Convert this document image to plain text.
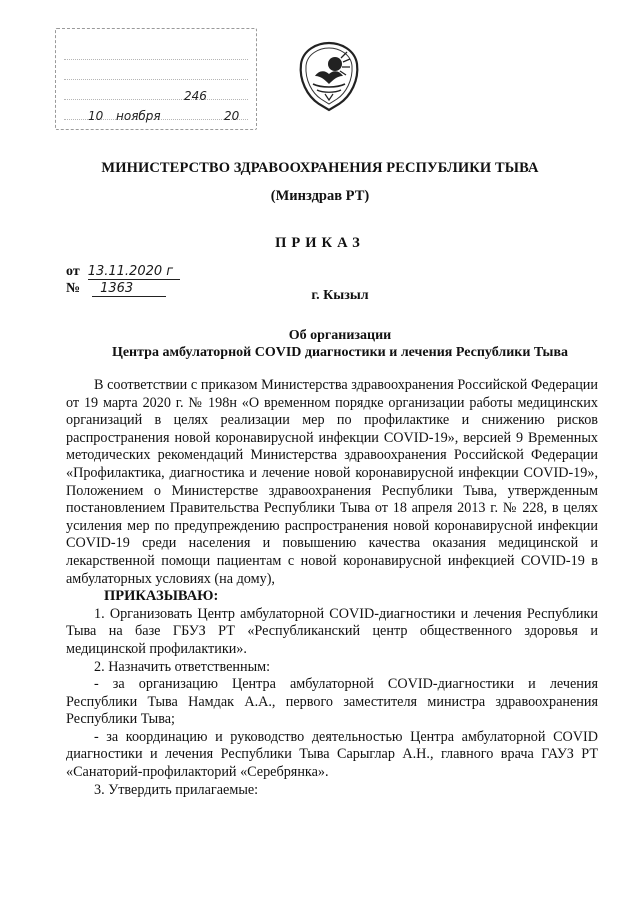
246
10 ноября	20
МИНИСТЕРСТВО ЗДРАВООХРАНЕНИЯ РЕСПУБЛИКИ ТЫВА
(Минздрав РТ)
ПРИКАЗ
от 13.11.2020 г
№ 1363	г. Кызыл
Об организации
Центра амбулаторной COVID диагностики и лечения Республики Тыва

В соответствии с приказом Министерства здравоохранения Российской Федерации от 19 марта 2020 г. № 198н «О временном порядке организации работы медицинских организаций в целях реализации мер по профилактике и снижению рисков распространения новой коронавирусной инфекции COVID-19», версией 9 Временных методических рекомендаций Министерства здравоохранения Российской Федерации «Профилактика, диагностика и лечение новой коронавирусной инфекции COVID-19», Положением о Министерстве здравоохранения Республики Тыва, утвержденным постановлением Правительства Республики Тыва от 18 апреля 2013 г. № 228, в целях усиления мер по предупреждению распространения новой коронавирусной инфекции COVID-19 среди населения и повышению качества оказания медицинской и лекарственной помощи пациентам с новой коронавирусной инфекцией COVID-19 в амбулаторных условиях (на дому),

ПРИКАЗЫВАЮ:

1. Организовать Центр амбулаторной COVID-диагностики и лечения Республики Тыва на базе ГБУЗ РТ «Республиканский центр общественного здоровья и медицинской профилактики».

2. Назначить ответственным:

- за организацию Центра амбулаторной COVID-диагностики и лечения Республики Тыва Намдак А.А., первого заместителя министра здравоохранения Республики Тыва;

- за координацию и руководство деятельностью Центра амбулаторной COVID диагностики и лечения Республики Тыва Сарыглар А.Н., главного врача ГАУЗ РТ «Санаторий-профилакторий «Серебрянка».

3. Утвердить прилагаемые:
